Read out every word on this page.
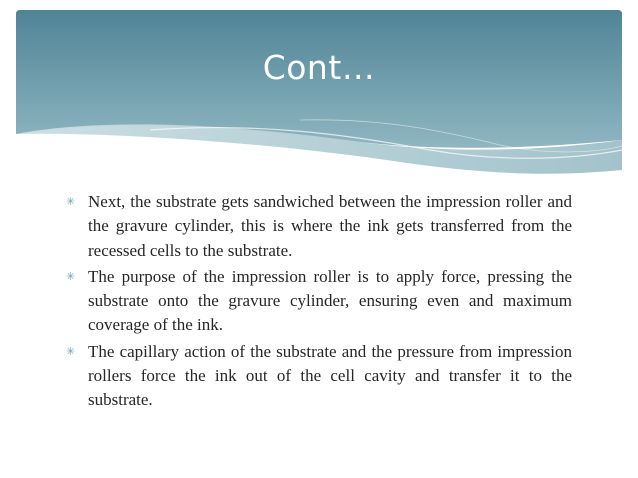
Cont…
✳ Next, the substrate gets sandwiched between the impression roller and the gravure cylinder, this is where the ink gets transferred from the recessed cells to the substrate.
✳ The purpose of the impression roller is to apply force, pressing the substrate onto the gravure cylinder, ensuring even and maximum coverage of the ink.
✳ The capillary action of the substrate and the pressure from impression rollers force the ink out of the cell cavity and transfer it to the substrate.
